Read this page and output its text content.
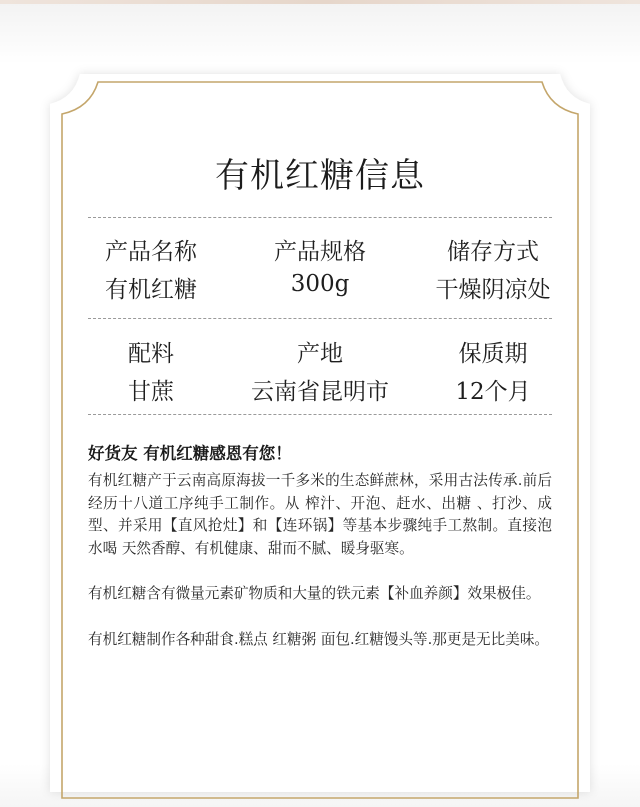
有机红糖信息
产品名称	产品规格	储存方式
有机红糖	300g	干燥阴凉处
配料	产地	保质期
甘蔗	云南省昆明市	12个月
好货友 有机红糖感恩有您！
有机红糖产于云南高原海拔一千多米的生态鲜蔗林，采用古法传承.前后经历十八道工序纯手工制作。从 榨汁、开泡、赶水、出糖 、打沙、成型、并采用【直风抢灶】和【连环锅】等基本步骤纯手工熬制。直接泡水喝 天然香醇、有机健康、甜而不腻、暖身驱寒。
有机红糖含有微量元素矿物质和大量的铁元素【补血养颜】效果极佳。
有机红糖制作各种甜食.糕点 红糖粥 面包.红糖馒头等.那更是无比美味。
